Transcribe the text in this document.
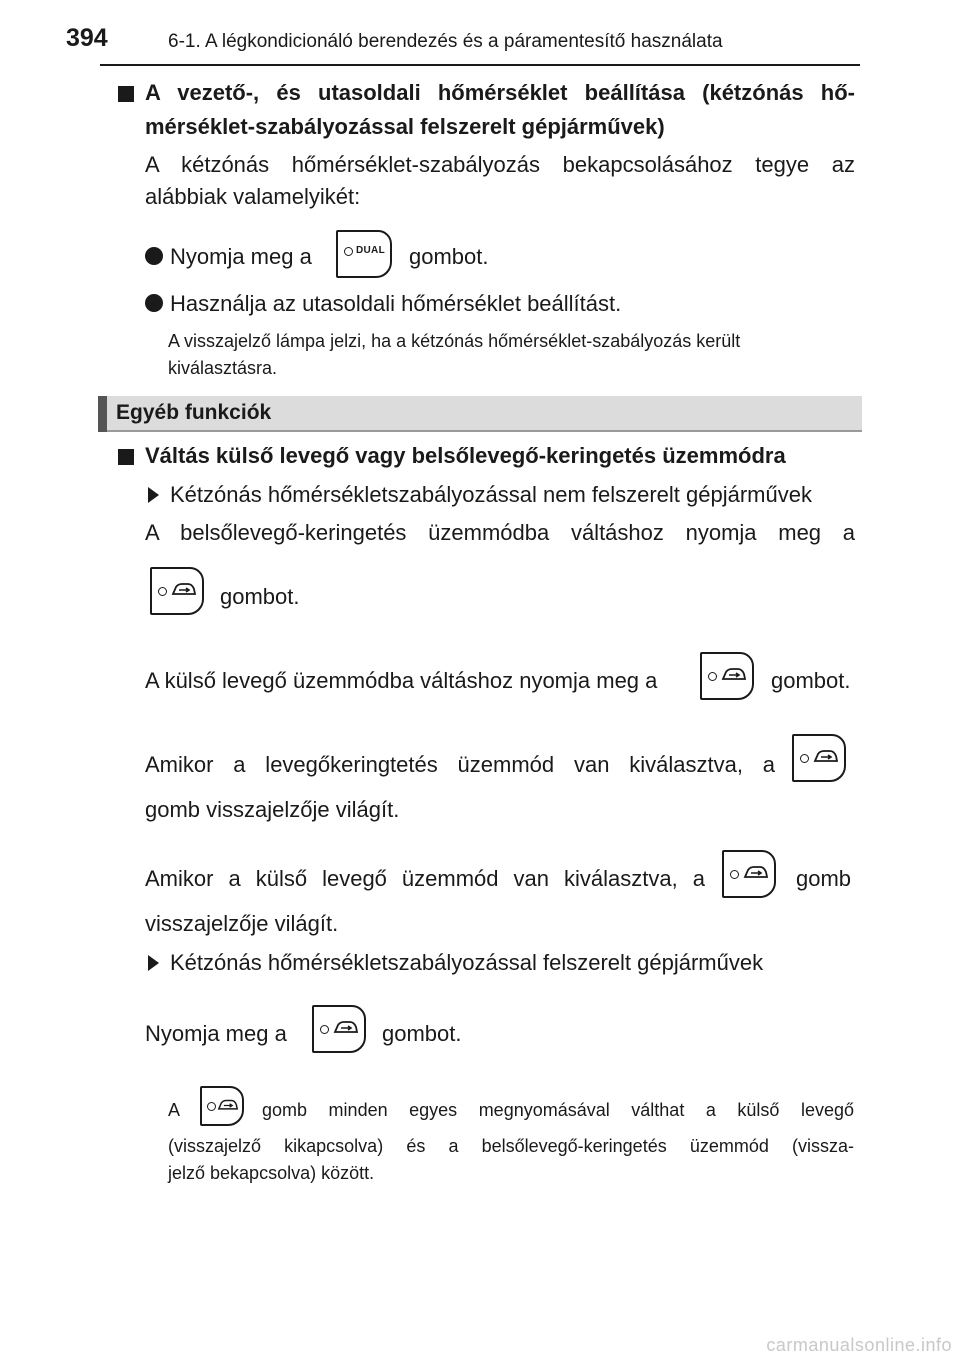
394	6-1. A légkondicionáló berendezés és a páramentesítő használata
A vezető-, és utasoldali hőmérséklet beállítása (kétzónás hő-
mérséklet-szabályozással felszerelt gépjárművek)
A kétzónás hőmérséklet-szabályozás bekapcsolásához tegye az
alábbiak valamelyikét:
Nyomja meg a	DUAL gombot.
Használja az utasoldali hőmérséklet beállítást.
A visszajelző lámpa jelzi, ha a kétzónás hőmérséklet-szabályozás került
kiválasztásra.
Egyéb funkciók
Váltás külső levegő vagy belsőlevegő-keringetés üzemmódra
Kétzónás hőmérsékletszabályozással nem felszerelt gépjárművek
A belsőlevegő-keringetés üzemmódba váltáshoz nyomja meg a
gombot.
A külső levegő üzemmódba váltáshoz nyomja meg a	gombot.
Amikor a levegőkeringtetés üzemmód van kiválasztva, a
gomb visszajelzője világít.
Amikor a külső levegő üzemmód van kiválasztva, a	gomb
visszajelzője világít.
Kétzónás hőmérsékletszabályozással felszerelt gépjárművek
Nyomja meg a	gombot.
A	gomb minden egyes megnyomásával válthat a külső levegő
(visszajelző kikapcsolva) és a belsőlevegő-keringetés üzemmód (vissza-
jelző bekapcsolva) között.
carmanualsonline.info
